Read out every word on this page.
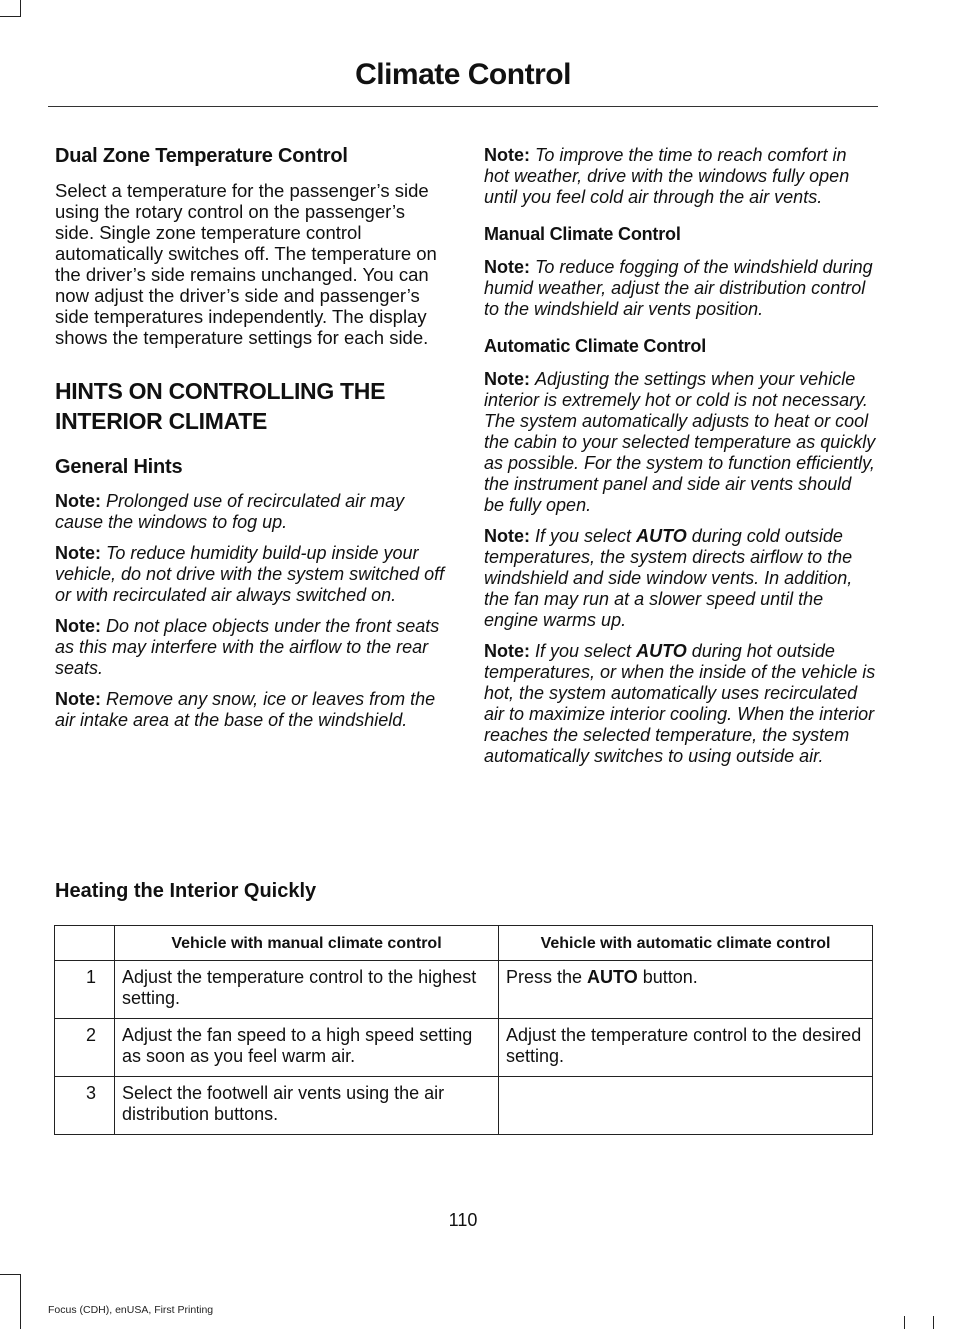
Climate Control
Dual Zone Temperature Control

Select a temperature for the passenger’s side using the rotary control on the passenger’s side. Single zone temperature control automatically switches off. The temperature on the driver’s side remains unchanged. You can now adjust the driver’s side and passenger’s side temperatures independently. The display shows the temperature settings for each side.

HINTS ON CONTROLLING THE INTERIOR CLIMATE
General Hints

Note: Prolonged use of recirculated air may cause the windows to fog up.

Note: To reduce humidity build-up inside your vehicle, do not drive with the system switched off or with recirculated air always switched on.

Note: Do not place objects under the front seats as this may interfere with the airflow to the rear seats.

Note: Remove any snow, ice or leaves from the air intake area at the base of the windshield.

Note: To improve the time to reach comfort in hot weather, drive with the windows fully open until you feel cold air through the air vents.

Manual Climate Control

Note: To reduce fogging of the windshield during humid weather, adjust the air distribution control to the windshield air vents position.

Automatic Climate Control

Note: Adjusting the settings when your vehicle interior is extremely hot or cold is not necessary. The system automatically adjusts to heat or cool the cabin to your selected temperature as quickly as possible. For the system to function efficiently, the instrument panel and side air vents should be fully open.

Note: If you select AUTO during cold outside temperatures, the system directs airflow to the windshield and side window vents. In addition, the fan may run at a slower speed until the engine warms up.

Note: If you select AUTO during hot outside temperatures, or when the inside of the vehicle is hot, the system automatically uses recirculated air to maximize interior cooling. When the interior reaches the selected temperature, the system automatically switches to using outside air.

Heating the Interior Quickly
	Vehicle with manual climate control	Vehicle with automatic climate control
1	Adjust the temperature control to the highest setting.	Press the AUTO button.
2	Adjust the fan speed to a high speed setting as soon as you feel warm air.	Adjust the temperature control to the desired setting.
3	Select the footwell air vents using the air distribution buttons.	
110
Focus (CDH), enUSA, First Printing
